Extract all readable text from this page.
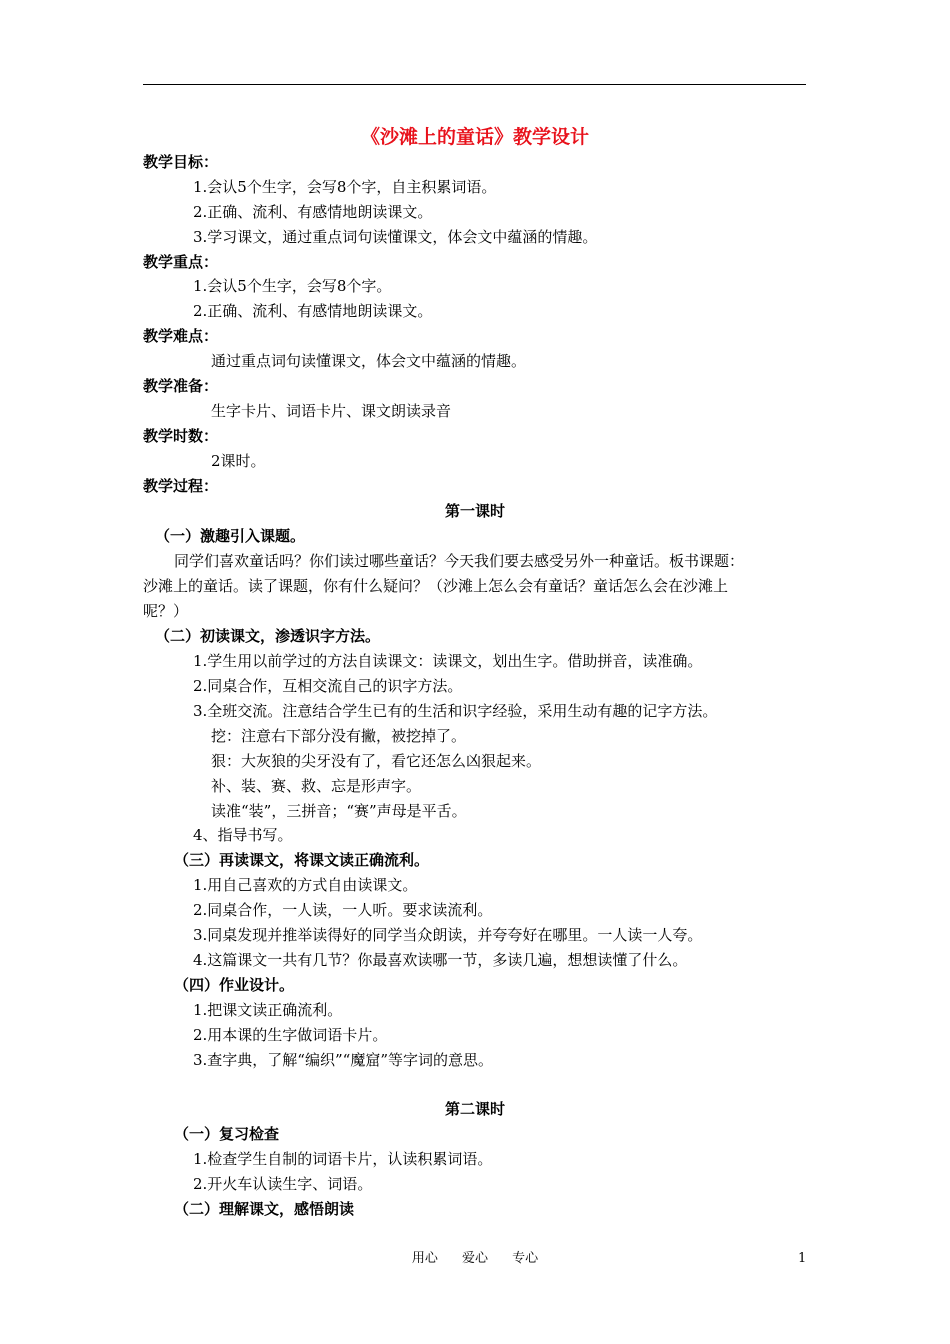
《沙滩上的童话》教学设计
教学目标：
1.会认5个生字，会写8个字，自主积累词语。
2.正确、流利、有感情地朗读课文。
3.学习课文，通过重点词句读懂课文，体会文中蕴涵的情趣。
教学重点：
1.会认5个生字，会写8个字。
2.正确、流利、有感情地朗读课文。
教学难点：
通过重点词句读懂课文，体会文中蕴涵的情趣。
教学准备：
生字卡片、词语卡片、课文朗读录音
教学时数：
2课时。
教学过程：
第一课时
（一）激趣引入课题。
同学们喜欢童话吗？你们读过哪些童话？今天我们要去感受另外一种童话。板书课题：
沙滩上的童话。读了课题，你有什么疑问？（沙滩上怎么会有童话？童话怎么会在沙滩上
呢？）
（二）初读课文，渗透识字方法。
1.学生用以前学过的方法自读课文：读课文，划出生字。借助拼音，读准确。
2.同桌合作，互相交流自己的识字方法。
3.全班交流。注意结合学生已有的生活和识字经验，采用生动有趣的记字方法。
挖：注意右下部分没有撇，被挖掉了。
狠：大灰狼的尖牙没有了，看它还怎么凶狠起来。
补、装、赛、救、忘是形声字。
读准“装”，三拼音；“赛”声母是平舌。
4、指导书写。
（三）再读课文，将课文读正确流利。
1.用自己喜欢的方式自由读课文。
2.同桌合作，一人读，一人听。要求读流利。
3.同桌发现并推举读得好的同学当众朗读，并夸夸好在哪里。一人读一人夸。
4.这篇课文一共有几节？你最喜欢读哪一节，多读几遍，想想读懂了什么。
（四）作业设计。
1.把课文读正确流利。
2.用本课的生字做词语卡片。
3.查字典，了解“编织”“魔窟”等字词的意思。
第二课时
（一）复习检查
1.检查学生自制的词语卡片，认读积累词语。
2.开火车认读生字、词语。
（二）理解课文，感悟朗读
用心 爱心 专心	1
